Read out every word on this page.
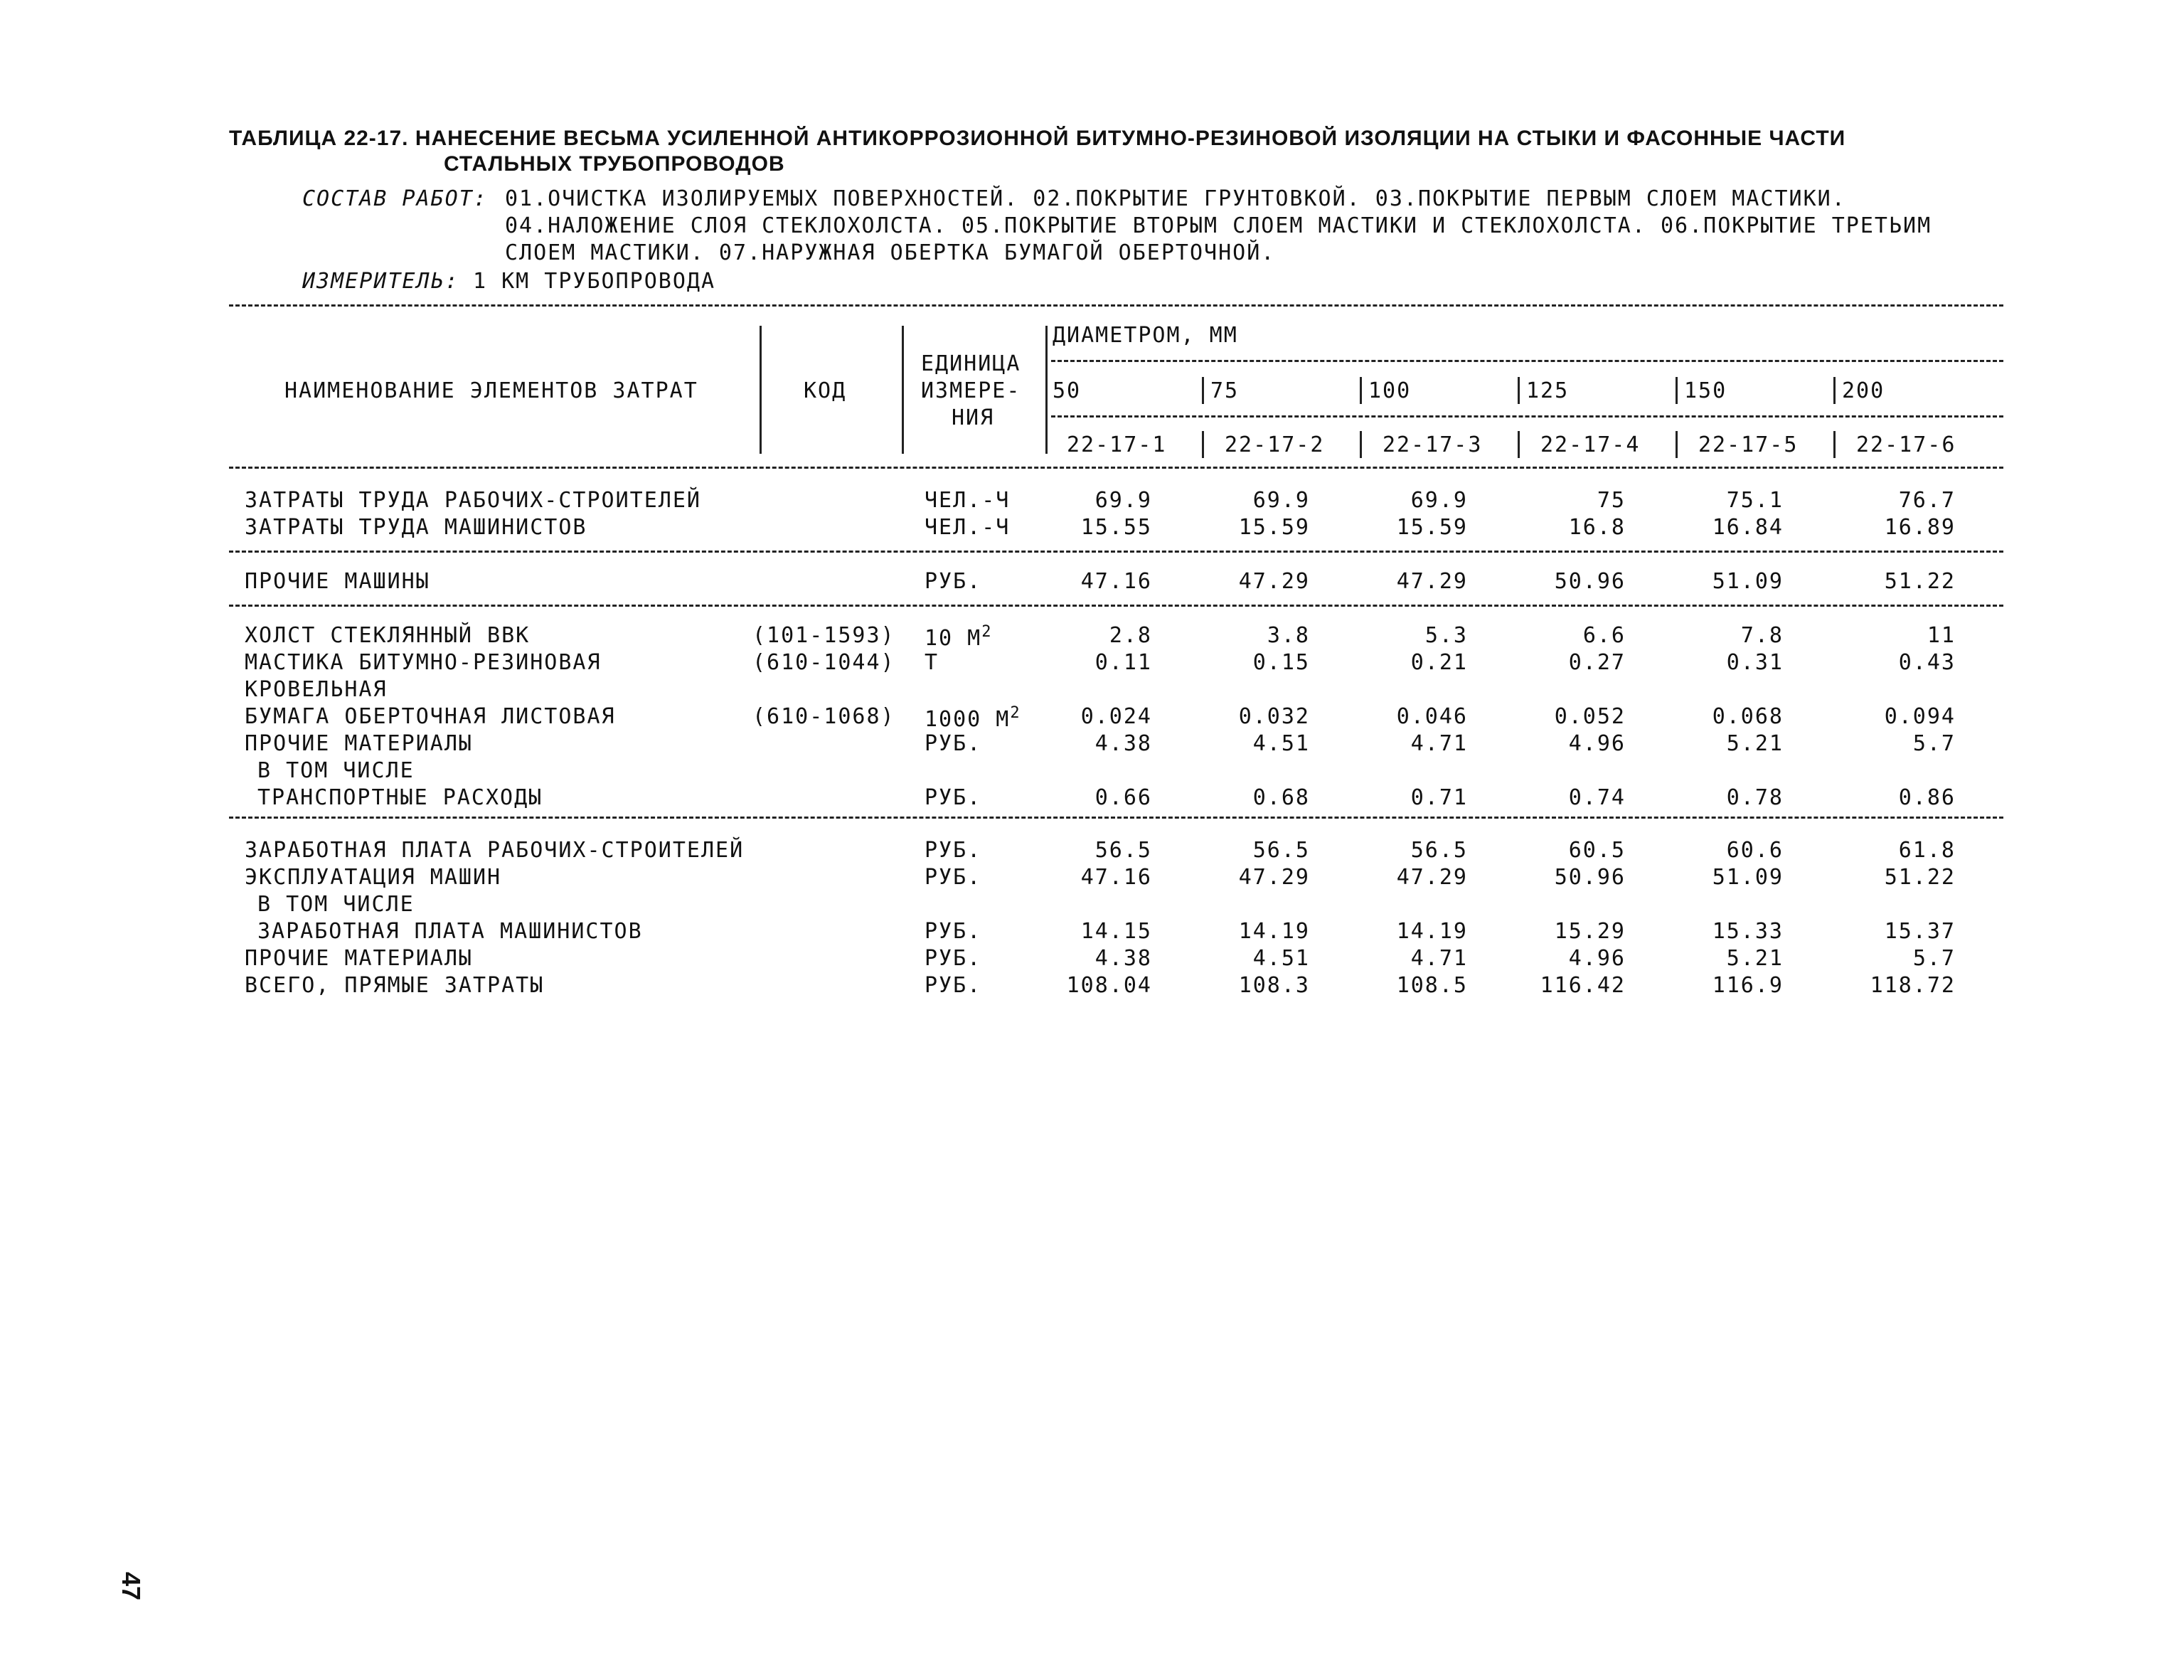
ТАБЛИЦА 22-17. НАНЕСЕНИЕ ВЕСЬМА УСИЛЕННОЙ АНТИКОРРОЗИОННОЙ БИТУМНО-РЕЗИНОВОЙ ИЗОЛЯЦИИ НА СТЫКИ И ФАСОННЫЕ ЧАСТИ
СТАЛЬНЫХ ТРУБОПРОВОДОВ
СОСТАВ РАБОТ: 01.ОЧИСТКА ИЗОЛИРУЕМЫХ ПОВЕРХНОСТЕЙ. 02.ПОКРЫТИЕ ГРУНТОВКОЙ. 03.ПОКРЫТИЕ ПЕРВЫМ СЛОЕМ МАСТИКИ.
04.НАЛОЖЕНИЕ СЛОЯ СТЕКЛОХОЛСТА. 05.ПОКРЫТИЕ ВТОРЫМ СЛОЕМ МАСТИКИ И СТЕКЛОХОЛСТА. 06.ПОКРЫТИЕ ТРЕТЬИМ
СЛОЕМ МАСТИКИ. 07.НАРУЖНАЯ ОБЕРТКА БУМАГОЙ ОБЕРТОЧНОЙ.
ИЗМЕРИТЕЛЬ: 1 КМ ТРУБОПРОВОДА
НАИМЕНОВАНИЕ ЭЛЕМЕНТОВ ЗАТРАТ	КОД
ЕДИНИЦА
ИЗМЕРЕ-
НИЯ
ДИАМЕТРОМ, ММ
50	75	100	125	150	200
22-17-1	22-17-2	22-17-3	22-17-4	22-17-5	22-17-6
ЗАТРАТЫ ТРУДА РАБОЧИХ-СТРОИТЕЛЕЙ	ЧЕЛ.-Ч	69.9	69.9	69.9	75	75.1	76.7
ЗАТРАТЫ ТРУДА МАШИНИСТОВ	ЧЕЛ.-Ч	15.55	15.59	15.59	16.8	16.84	16.89
ПРОЧИЕ МАШИНЫ	РУБ.	47.16	47.29	47.29	50.96	51.09	51.22
ХОЛСТ СТЕКЛЯННЫЙ ВВК	(101-1593) 10 $М^2$	2.8	3.8	5.3	6.6	7.8	11
МАСТИКА БИТУМНО-РЕЗИНОВАЯ	(610-1044) Т	0.11	0.15	0.21	0.27	0.31	0.43
КРОВЕЛЬНАЯ
БУМАГА ОБЕРТОЧНАЯ ЛИСТОВАЯ	(610-1068) 1000 $М^2$	0.024	0.032	0.046	0.052	0.068	0.094
ПРОЧИЕ МАТЕРИАЛЫ	РУБ.	4.38	4.51	4.71	4.96	5.21	5.7
В ТОМ ЧИСЛЕ
ТРАНСПОРТНЫЕ РАСХОДЫ	РУБ.	0.66	0.68	0.71	0.74	0.78	0.86
ЗАРАБОТНАЯ ПЛАТА РАБОЧИХ-СТРОИТЕЛЕЙ	РУБ.	56.5	56.5	56.5	60.5	60.6	61.8
ЭКСПЛУАТАЦИЯ МАШИН	РУБ.	47.16	47.29	47.29	50.96	51.09	51.22
В ТОМ ЧИСЛЕ
ЗАРАБОТНАЯ ПЛАТА МАШИНИСТОВ	РУБ.	14.15	14.19	14.19	15.29	15.33	15.37
ПРОЧИЕ МАТЕРИАЛЫ	РУБ.	4.38	4.51	4.71	4.96	5.21	5.7
ВСЕГО, ПРЯМЫЕ ЗАТРАТЫ	РУБ.	108.04	108.3	108.5	116.42	116.9	118.72
47
